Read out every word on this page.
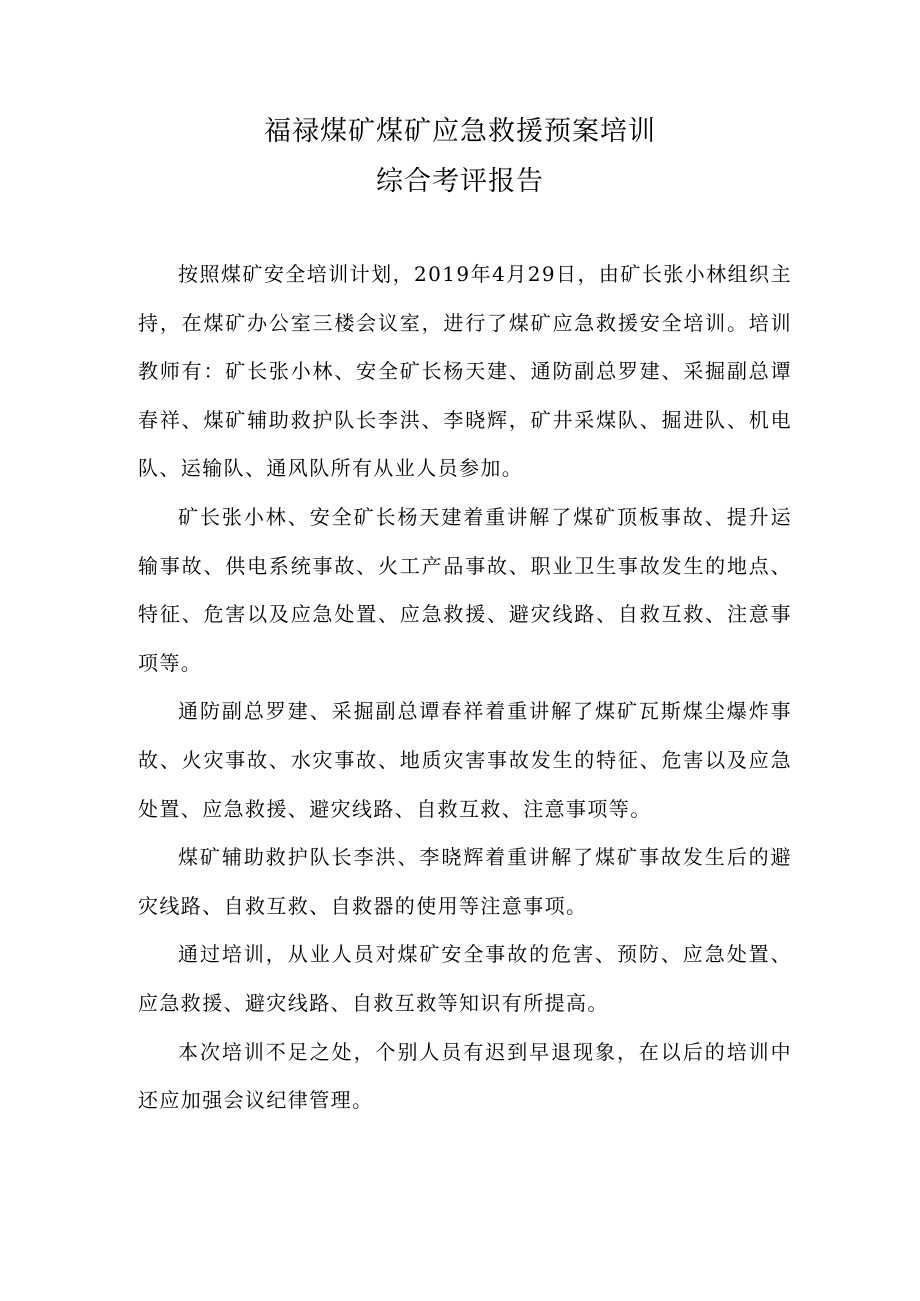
福禄煤矿煤矿应急救援预案培训
综合考评报告

按照煤矿安全培训计划，2019年4月29日，由矿长张小林组织主持，在煤矿办公室三楼会议室，进行了煤矿应急救援安全培训。培训教师有：矿长张小林、安全矿长杨天建、通防副总罗建、采掘副总谭春祥、煤矿辅助救护队长李洪、李晓辉，矿井采煤队、掘进队、机电队、运输队、通风队所有从业人员参加。

矿长张小林、安全矿长杨天建着重讲解了煤矿顶板事故、提升运输事故、供电系统事故、火工产品事故、职业卫生事故发生的地点、特征、危害以及应急处置、应急救援、避灾线路、自救互救、注意事项等。

通防副总罗建、采掘副总谭春祥着重讲解了煤矿瓦斯煤尘爆炸事故、火灾事故、水灾事故、地质灾害事故发生的特征、危害以及应急处置、应急救援、避灾线路、自救互救、注意事项等。

煤矿辅助救护队长李洪、李晓辉着重讲解了煤矿事故发生后的避灾线路、自救互救、自救器的使用等注意事项。

通过培训，从业人员对煤矿安全事故的危害、预防、应急处置、应急救援、避灾线路、自救互救等知识有所提高。

本次培训不足之处，个别人员有迟到早退现象，在以后的培训中还应加强会议纪律管理。
